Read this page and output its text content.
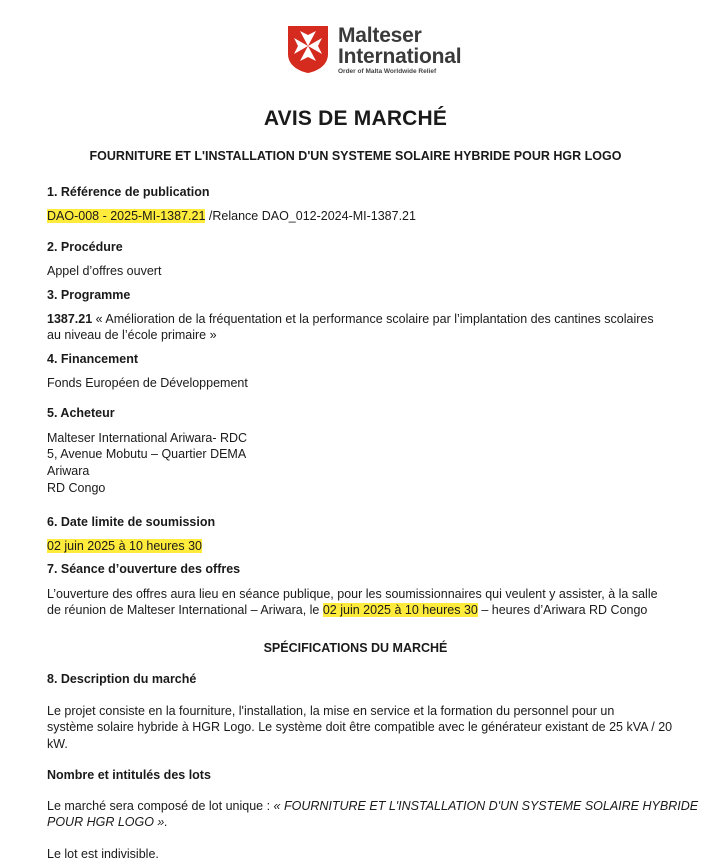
Malteser
International
Order of Malta Worldwide Relief
AVIS DE MARCHÉ
FOURNITURE ET L'INSTALLATION D'UN SYSTEME SOLAIRE HYBRIDE POUR HGR LOGO
1. Référence de publication
DAO-008 - 2025-MI-1387.21 /Relance DAO_012-2024-MI-1387.21
2. Procédure
Appel d’offres ouvert
3. Programme
1387.21 « Amélioration de la fréquentation et la performance scolaire par l’implantation des cantines scolaires
au niveau de l’école primaire »
4. Financement
Fonds Européen de Développement
5. Acheteur
Malteser International Ariwara- RDC
5, Avenue Mobutu – Quartier DEMA
Ariwara
RD Congo
6. Date limite de soumission
02 juin 2025 à 10 heures 30
7. Séance d’ouverture des offres
L’ouverture des offres aura lieu en séance publique, pour les soumissionnaires qui veulent y assister, à la salle
de réunion de Malteser International – Ariwara, le 02 juin 2025 à 10 heures 30 – heures d’Ariwara RD Congo
SPÉCIFICATIONS DU MARCHÉ
8. Description du marché
Le projet consiste en la fourniture, l'installation, la mise en service et la formation du personnel pour un
système solaire hybride à HGR Logo. Le système doit être compatible avec le générateur existant de 25 kVA / 20
kW.
Nombre et intitulés des lots
Le marché sera composé de lot unique : « FOURNITURE ET L'INSTALLATION D'UN SYSTEME SOLAIRE HYBRIDE
POUR HGR LOGO ».
Le lot est indivisible.
